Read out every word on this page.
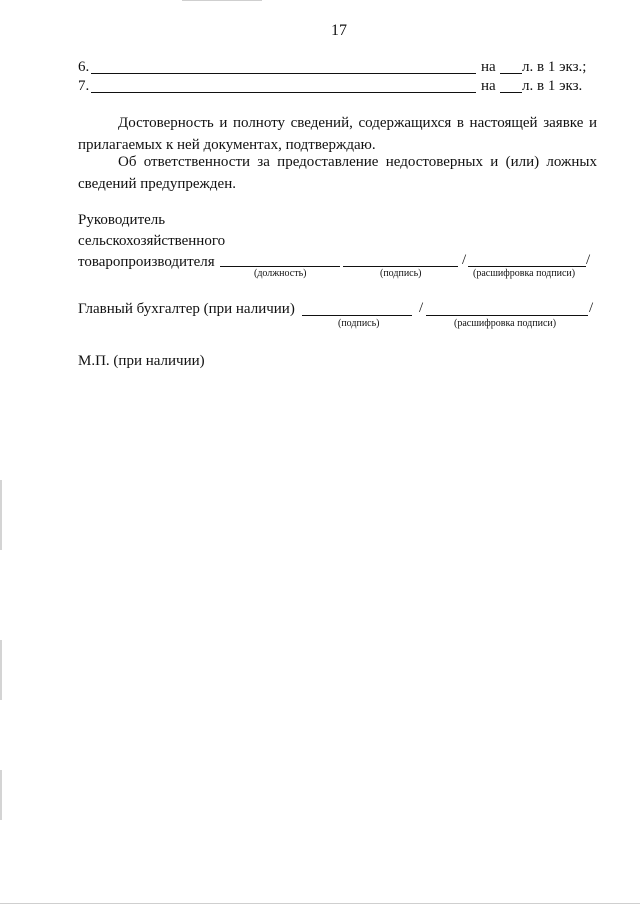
17
6.	на л. в 1 экз.;
7.	на л. в 1 экз.
Достоверность и полноту сведений, содержащихся в настоящей заявке и прилагаемых к ней документах, подтверждаю.
Об ответственности за предоставление недостоверных и (или) ложных сведений предупрежден.
Руководитель
сельскохозяйственного
товаропроизводителя	/	/
(должность)	(подпись)	(расшифровка подписи)
Главный бухгалтер (при наличии)	/	/
(подпись)	(расшифровка подписи)
М.П. (при наличии)
